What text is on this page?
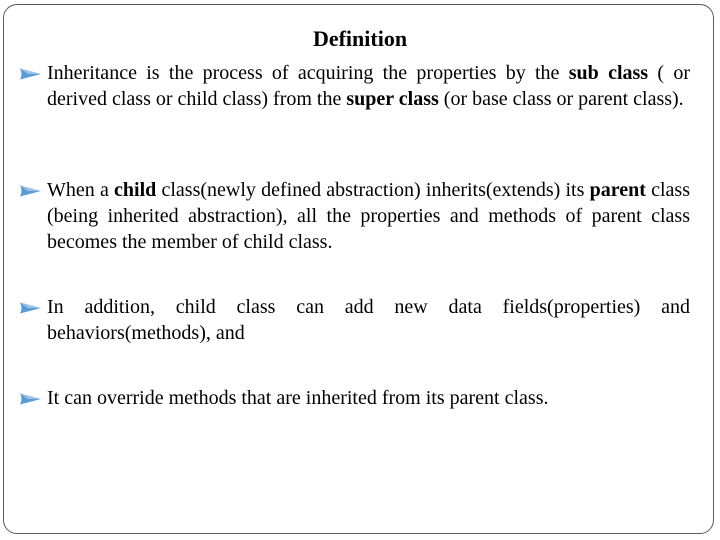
Definition
Inheritance is the process of acquiring the properties by the sub class ( or derived class or child class) from the super class (or base class or parent class).
When a child class(newly defined abstraction) inherits(extends) its parent class (being inherited abstraction), all the properties and methods of parent class becomes the member of child class.
In addition, child class can add new data fields(properties) and behaviors(methods), and
It can override methods that are inherited from its parent class.
